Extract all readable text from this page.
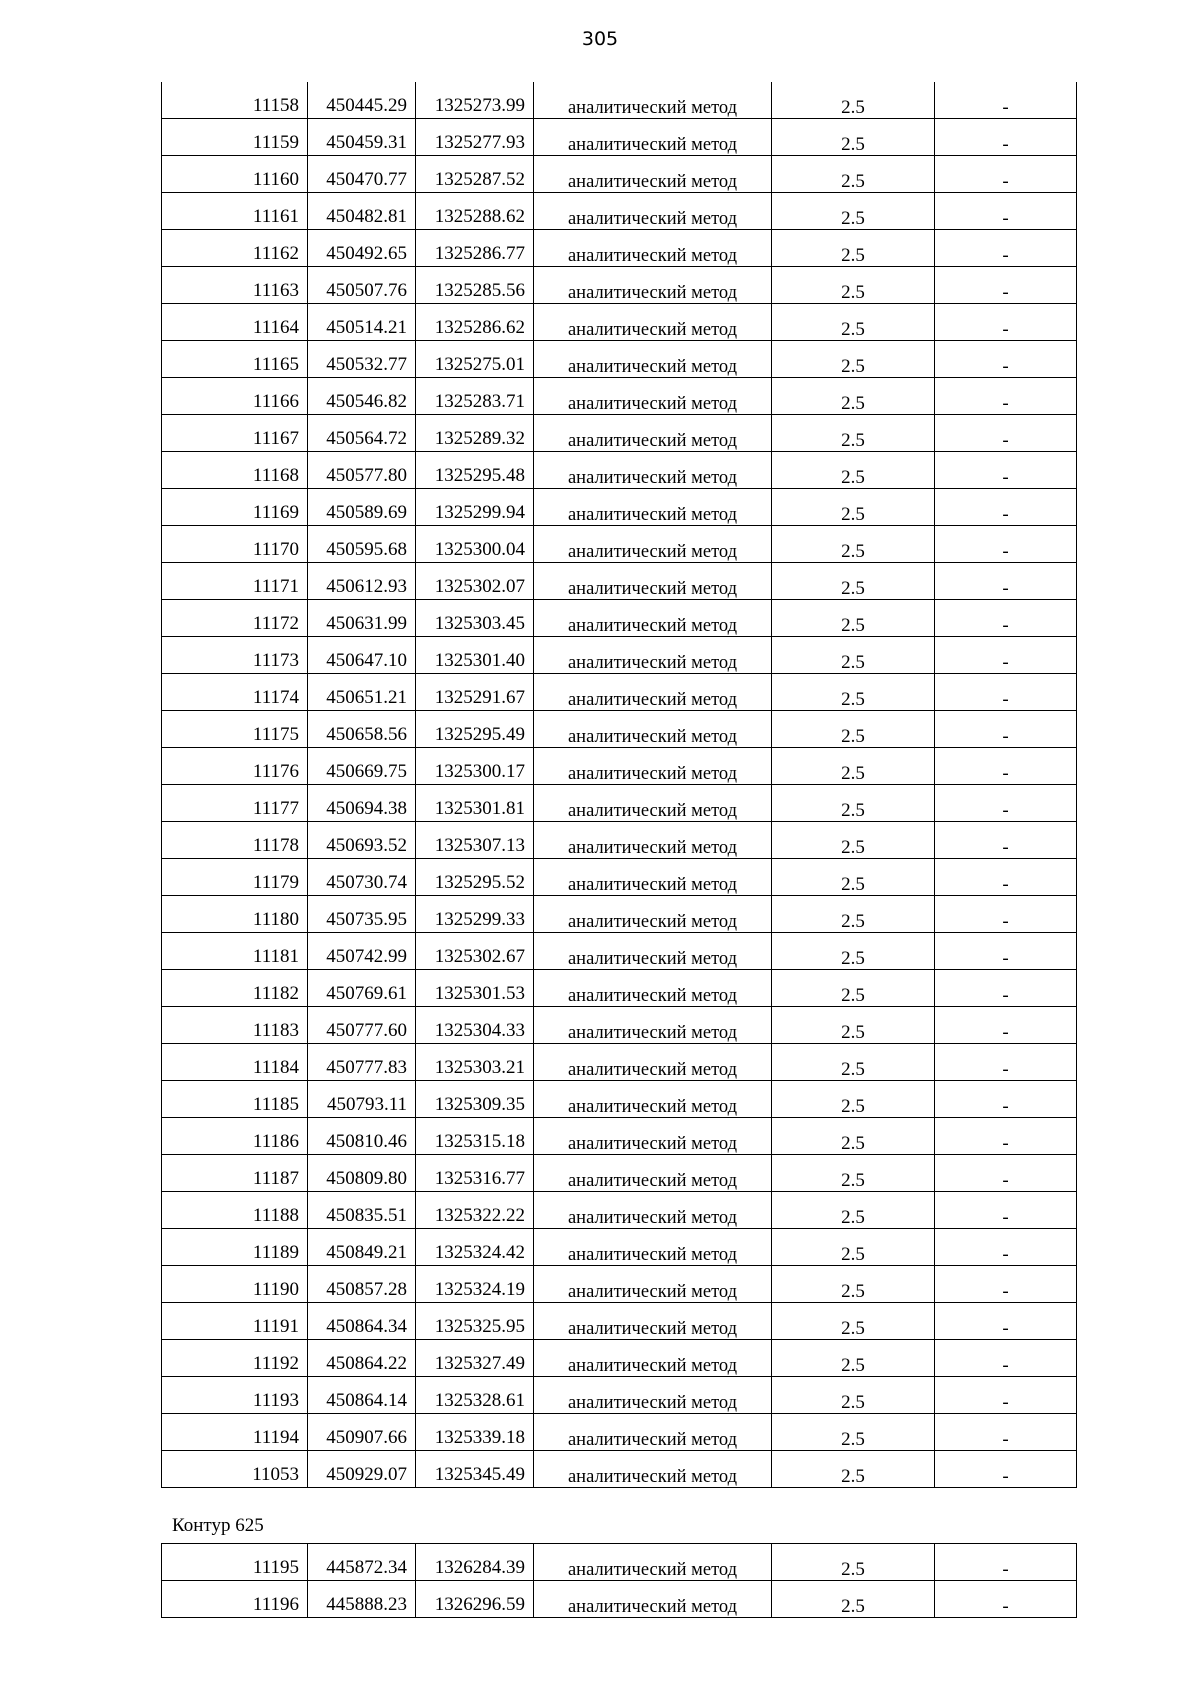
305
11158	450445.29	1325273.99	аналитический метод	2.5	-
11159	450459.31	1325277.93	аналитический метод	2.5	-
11160	450470.77	1325287.52	аналитический метод	2.5	-
11161	450482.81	1325288.62	аналитический метод	2.5	-
11162	450492.65	1325286.77	аналитический метод	2.5	-
11163	450507.76	1325285.56	аналитический метод	2.5	-
11164	450514.21	1325286.62	аналитический метод	2.5	-
11165	450532.77	1325275.01	аналитический метод	2.5	-
11166	450546.82	1325283.71	аналитический метод	2.5	-
11167	450564.72	1325289.32	аналитический метод	2.5	-
11168	450577.80	1325295.48	аналитический метод	2.5	-
11169	450589.69	1325299.94	аналитический метод	2.5	-
11170	450595.68	1325300.04	аналитический метод	2.5	-
11171	450612.93	1325302.07	аналитический метод	2.5	-
11172	450631.99	1325303.45	аналитический метод	2.5	-
11173	450647.10	1325301.40	аналитический метод	2.5	-
11174	450651.21	1325291.67	аналитический метод	2.5	-
11175	450658.56	1325295.49	аналитический метод	2.5	-
11176	450669.75	1325300.17	аналитический метод	2.5	-
11177	450694.38	1325301.81	аналитический метод	2.5	-
11178	450693.52	1325307.13	аналитический метод	2.5	-
11179	450730.74	1325295.52	аналитический метод	2.5	-
11180	450735.95	1325299.33	аналитический метод	2.5	-
11181	450742.99	1325302.67	аналитический метод	2.5	-
11182	450769.61	1325301.53	аналитический метод	2.5	-
11183	450777.60	1325304.33	аналитический метод	2.5	-
11184	450777.83	1325303.21	аналитический метод	2.5	-
11185	450793.11	1325309.35	аналитический метод	2.5	-
11186	450810.46	1325315.18	аналитический метод	2.5	-
11187	450809.80	1325316.77	аналитический метод	2.5	-
11188	450835.51	1325322.22	аналитический метод	2.5	-
11189	450849.21	1325324.42	аналитический метод	2.5	-
11190	450857.28	1325324.19	аналитический метод	2.5	-
11191	450864.34	1325325.95	аналитический метод	2.5	-
11192	450864.22	1325327.49	аналитический метод	2.5	-
11193	450864.14	1325328.61	аналитический метод	2.5	-
11194	450907.66	1325339.18	аналитический метод	2.5	-
11053	450929.07	1325345.49	аналитический метод	2.5	-
Контур 625
11195	445872.34	1326284.39	аналитический метод	2.5	-
11196	445888.23	1326296.59	аналитический метод	2.5	-
